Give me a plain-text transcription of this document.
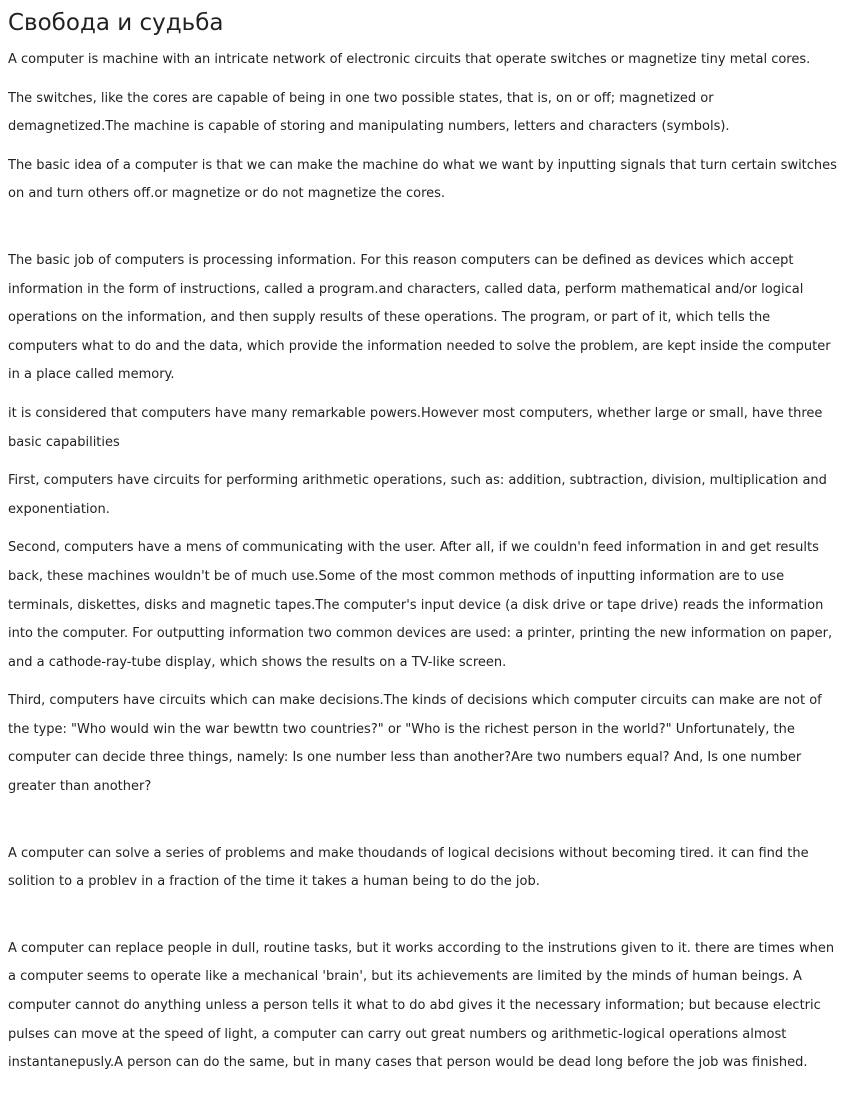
Свобода и судьба

A computer is machine with an intricate network of electronic circuits that operate switches or magnetize tiny metal cores.

The switches, like the cores are capable of being in one two possible states, that is, on or off; magnetized or demagnetized.The machine is capable of storing and manipulating numbers, letters and characters (symbols).

The basic idea of a computer is that we can make the machine do what we want by inputting signals that turn certain switches on and turn others off.or magnetize or do not magnetize the cores.

The basic job of computers is processing information. For this reason computers can be defined as devices which accept information in the form of instructions, called a program.and characters, called data, perform mathematical and/or logical operations on the information, and then supply results of these operations. The program, or part of it, which tells the computers what to do and the data, which provide the information needed to solve the problem, are kept inside the computer in a place called memory.

it is considered that computers have many remarkable powers.However most computers, whether large or small, have three basic capabilities

First, computers have circuits for performing arithmetic operations, such as: addition, subtraction, division, multiplication and exponentiation.

Second, computers have a mens of communicating with the user. After all, if we couldn'n feed information in and get results back, these machines wouldn't be of much use.Some of the most common methods of inputting information are to use terminals, diskettes, disks and magnetic tapes.The computer's input device (a disk drive or tape drive) reads the information into the computer. For outputting information two common devices are used: a printer, printing the new information on paper, and a cathode-ray-tube display, which shows the results on a TV-like screen.

Third, computers have circuits which can make decisions.The kinds of decisions which computer circuits can make are not of the type: "Who would win the war bewttn two countries?" or "Who is the richest person in the world?" Unfortunately, the computer can decide three things, namely: Is one number less than another?Are two numbers equal? And, Is one number greater than another?

A computer can solve a series of problems and make thoudands of logical decisions without becoming tired. it can find the solition to a problev in a fraction of the time it takes a human being to do the job.

A computer can replace people in dull, routine tasks, but it works according to the instrutions given to it. there are times when a computer seems to operate like a mechanical 'brain', but its achievements are limited by the minds of human beings. A computer cannot do anything unless a person tells it what to do abd gives it the necessary information; but because electric pulses can move at the speed of light, a computer can carry out great numbers og arithmetic-logical operations almost instantanepusly.A person can do the same, but in many cases that person would be dead long before the job was finished.
